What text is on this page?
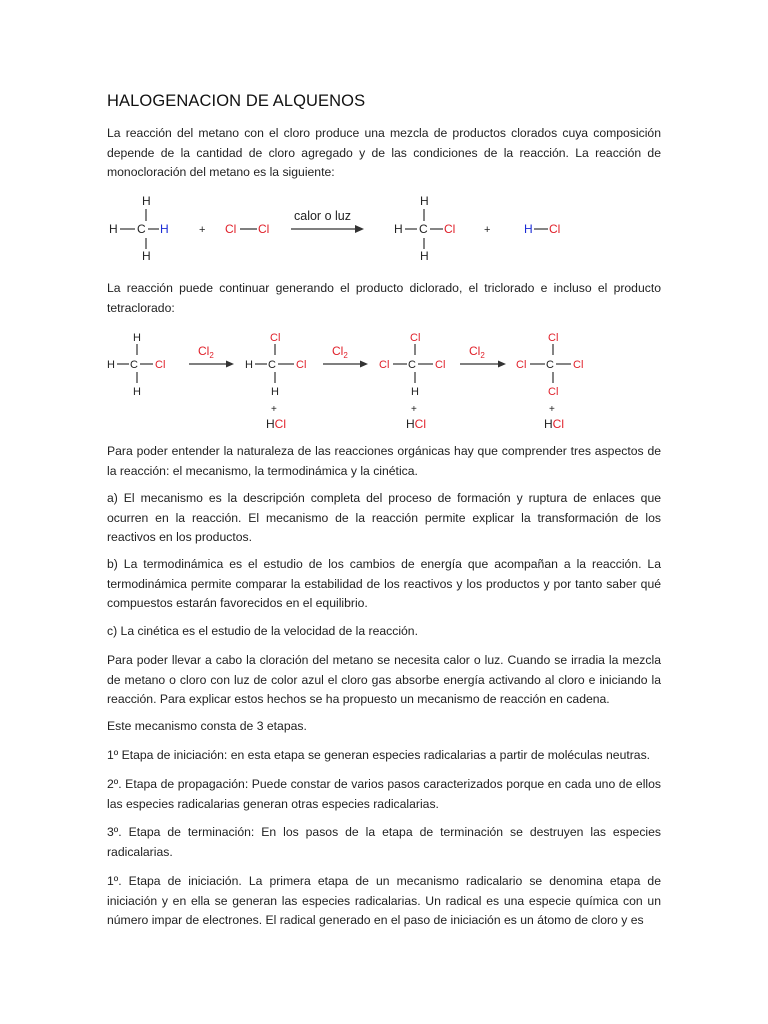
HALOGENACION DE ALQUENOS
La reacción del metano con el cloro produce una mezcla de productos clorados cuya composición depende de la cantidad de cloro agregado y de las condiciones de la reacción. La reacción de monocloración del metano es la siguiente:
H
H C H
H
+ Cl Cl
calor o luz
H
H C Cl
H
+	H Cl
La reacción puede continuar generando el producto diclorado, el triclorado e incluso el producto tetraclorado:
H
H C Cl
H
$Cl_2$
Cl
H C Cl
H
+
HCl
$Cl_2$
Cl
Cl C Cl
H
+
HCl
$Cl_2$
Cl
Cl C Cl
Cl
+
HCl
Para poder entender la naturaleza de las reacciones orgánicas hay que comprender tres aspectos de la reacción: el mecanismo, la termodinámica y la cinética.
a) El mecanismo es la descripción completa del proceso de formación y ruptura de enlaces que ocurren en la reacción. El mecanismo de la reacción permite explicar la transformación de los reactivos en los productos.
b) La termodinámica es el estudio de los cambios de energía que acompañan a la reacción. La termodinámica permite comparar la estabilidad de los reactivos y los productos y por tanto saber qué compuestos estarán favorecidos en el equilibrio.
c) La cinética es el estudio de la velocidad de la reacción.
Para poder llevar a cabo la cloración del metano se necesita calor o luz. Cuando se irradia la mezcla de metano o cloro con luz de color azul el cloro gas absorbe energía activando al cloro e iniciando la reacción. Para explicar estos hechos se ha propuesto un mecanismo de reacción en cadena.
Este mecanismo consta de 3 etapas.
1º Etapa de iniciación: en esta etapa se generan especies radicalarias a partir de moléculas neutras.
2º. Etapa de propagación: Puede constar de varios pasos caracterizados porque en cada uno de ellos las especies radicalarias generan otras especies radicalarias.
3º. Etapa de terminación: En los pasos de la etapa de terminación se destruyen las especies radicalarias.
1º. Etapa de iniciación. La primera etapa de un mecanismo radicalario se denomina etapa de iniciación y en ella se generan las especies radicalarias. Un radical es una especie química con un número impar de electrones. El radical generado en el paso de iniciación es un átomo de cloro y es
